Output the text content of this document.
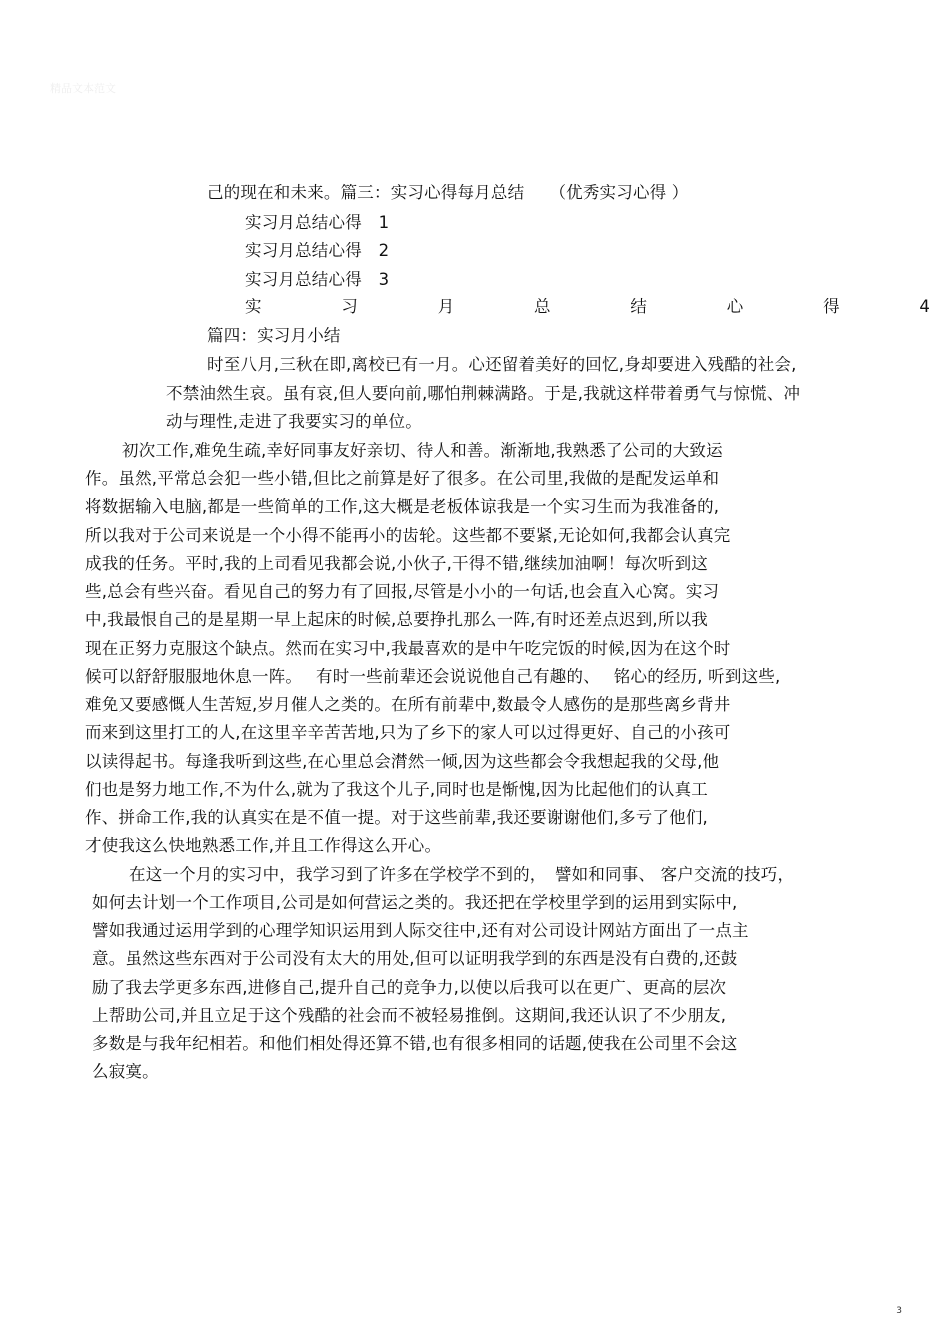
精品文本范文
己的现在和未来。篇三：实习心得每月总结　　（优秀实习心得 ）
实习月总结心得　1
实习月总结心得　2
实习月总结心得　3
实	习	月	总	结	心	得	4
篇四：实习月小结
时至八月,三秋在即,离校已有一月。心还留着美好的回忆,身却要进入残酷的社会,
不禁油然生哀。虽有哀,但人要向前,哪怕荆棘满路。于是,我就这样带着勇气与惊慌、冲
动与理性,走进了我要实习的单位。
初次工作,难免生疏,幸好同事友好亲切、待人和善。渐渐地,我熟悉了公司的大致运
作。虽然,平常总会犯一些小错,但比之前算是好了很多。在公司里,我做的是配发运单和
将数据输入电脑,都是一些简单的工作,这大概是老板体谅我是一个实习生而为我准备的,
所以我对于公司来说是一个小得不能再小的齿轮。这些都不要紧,无论如何,我都会认真完
成我的任务。平时,我的上司看见我都会说,小伙子,干得不错,继续加油啊！每次听到这
些,总会有些兴奋。看见自己的努力有了回报,尽管是小小的一句话,也会直入心窝。实习
中,我最恨自己的是星期一早上起床的时候,总要挣扎那么一阵,有时还差点迟到,所以我
现在正努力克服这个缺点。然而在实习中,我最喜欢的是中午吃完饭的时候,因为在这个时
候可以舒舒服服地休息一阵。　 有时一些前辈还会说说他自己有趣的、　 铭心的经历, 听到这些,
难免又要感慨人生苦短,岁月催人之类的。在所有前辈中,数最令人感伤的是那些离乡背井
而来到这里打工的人,在这里辛辛苦苦地,只为了乡下的家人可以过得更好、自己的小孩可
以读得起书。每逢我听到这些,在心里总会潸然一倾,因为这些都会令我想起我的父母,他
们也是努力地工作,不为什么,就为了我这个儿子,同时也是惭愧,因为比起他们的认真工
作、拼命工作,我的认真实在是不值一提。对于这些前辈,我还要谢谢他们,多亏了他们,
才使我这么快地熟悉工作,并且工作得这么开心。
在这一个月的实习中，我学习到了许多在学校学不到的，　譬如和同事、 客户交流的技巧，
如何去计划一个工作项目,公司是如何营运之类的。我还把在学校里学到的运用到实际中,
譬如我通过运用学到的心理学知识运用到人际交往中,还有对公司设计网站方面出了一点主
意。虽然这些东西对于公司没有太大的用处,但可以证明我学到的东西是没有白费的,还鼓
励了我去学更多东西,进修自己,提升自己的竞争力,以使以后我可以在更广、更高的层次
上帮助公司,并且立足于这个残酷的社会而不被轻易推倒。这期间,我还认识了不少朋友,
多数是与我年纪相若。和他们相处得还算不错,也有很多相同的话题,使我在公司里不会这
么寂寞。
3
